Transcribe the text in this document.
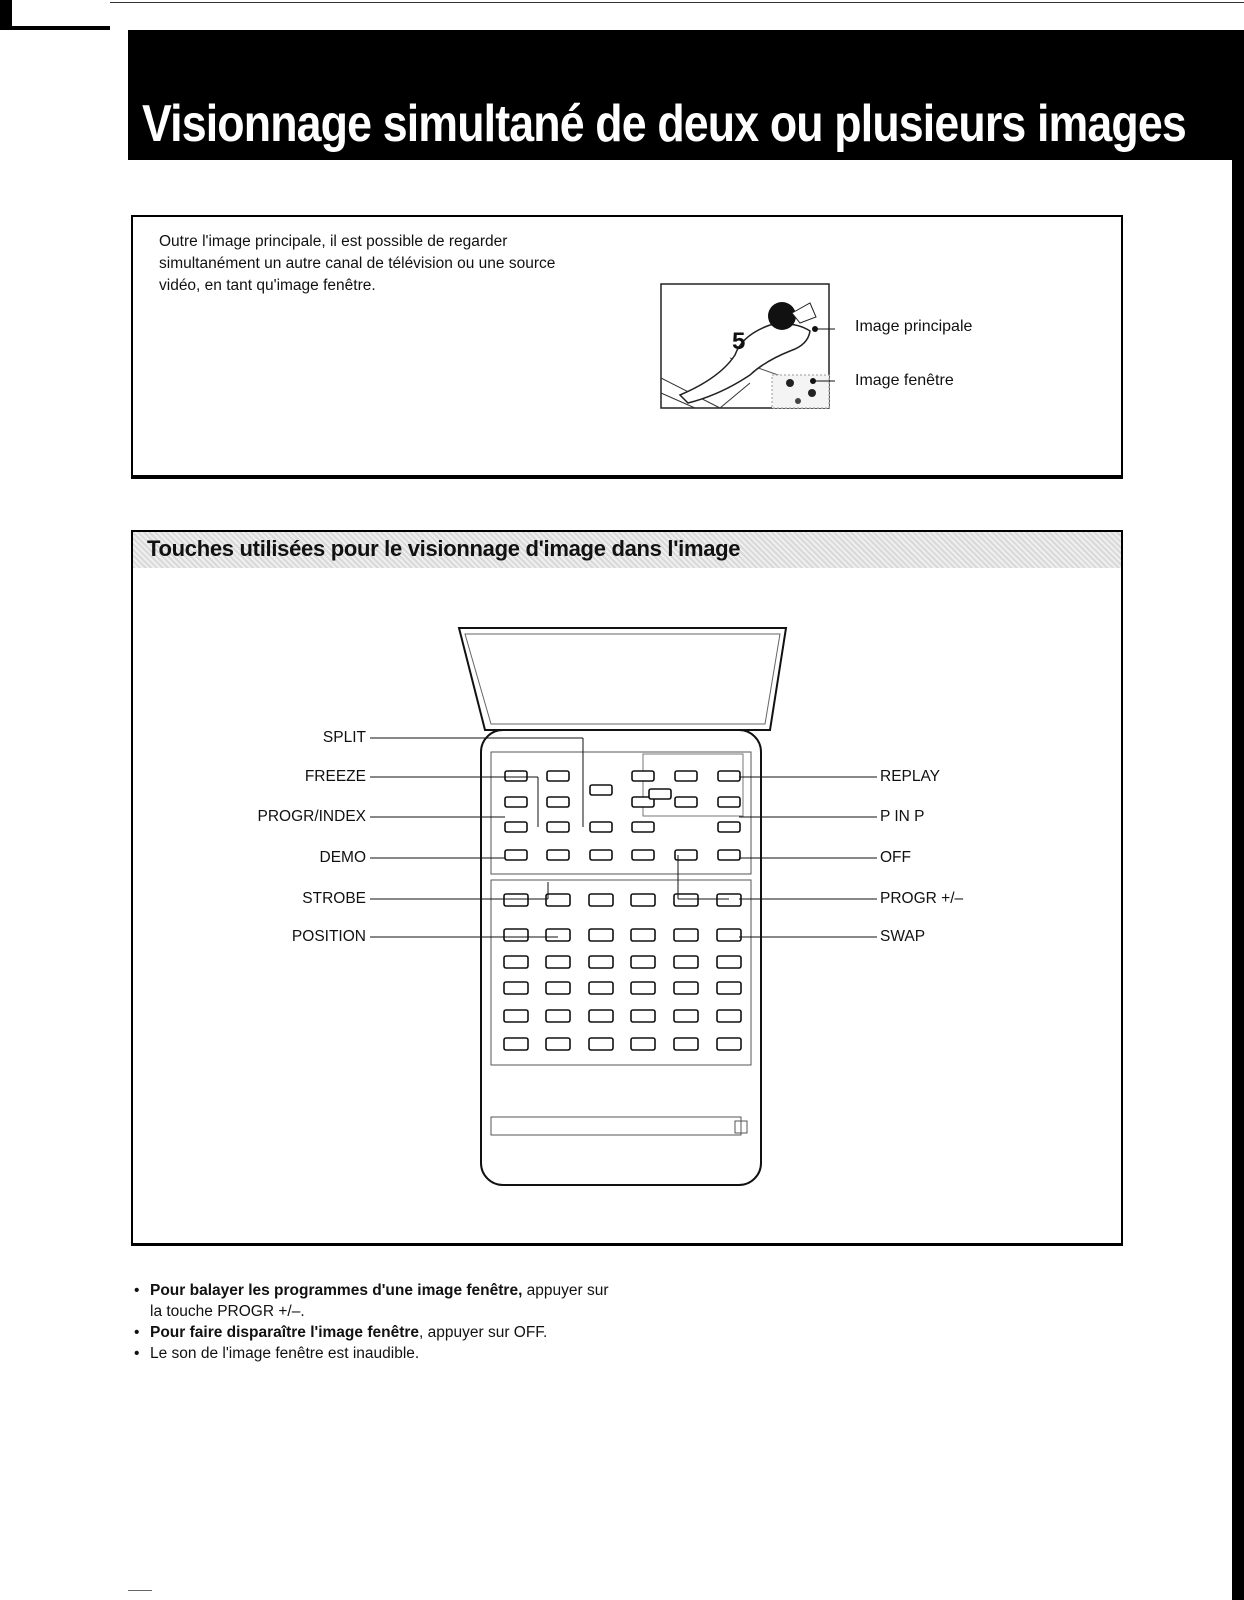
Visionnage simultané de deux ou plusieurs images

Outre l'image principale, il est possible de regarder simultanément un autre canal de télévision ou une source vidéo, en tant qu'image fenêtre.

5
Image principale
Image fenêtre
Touches utilisées pour le visionnage d'image dans l'image
SPLIT
FREEZE
PROGR/INDEX
DEMO
STROBE
POSITION
REPLAY
P IN P
OFF
PROGR +/–
SWAP
• Pour balayer les programmes d'une image fenêtre, appuyer sur la touche PROGR +/–.
• Pour faire disparaître l'image fenêtre, appuyer sur OFF.
• Le son de l'image fenêtre est inaudible.
